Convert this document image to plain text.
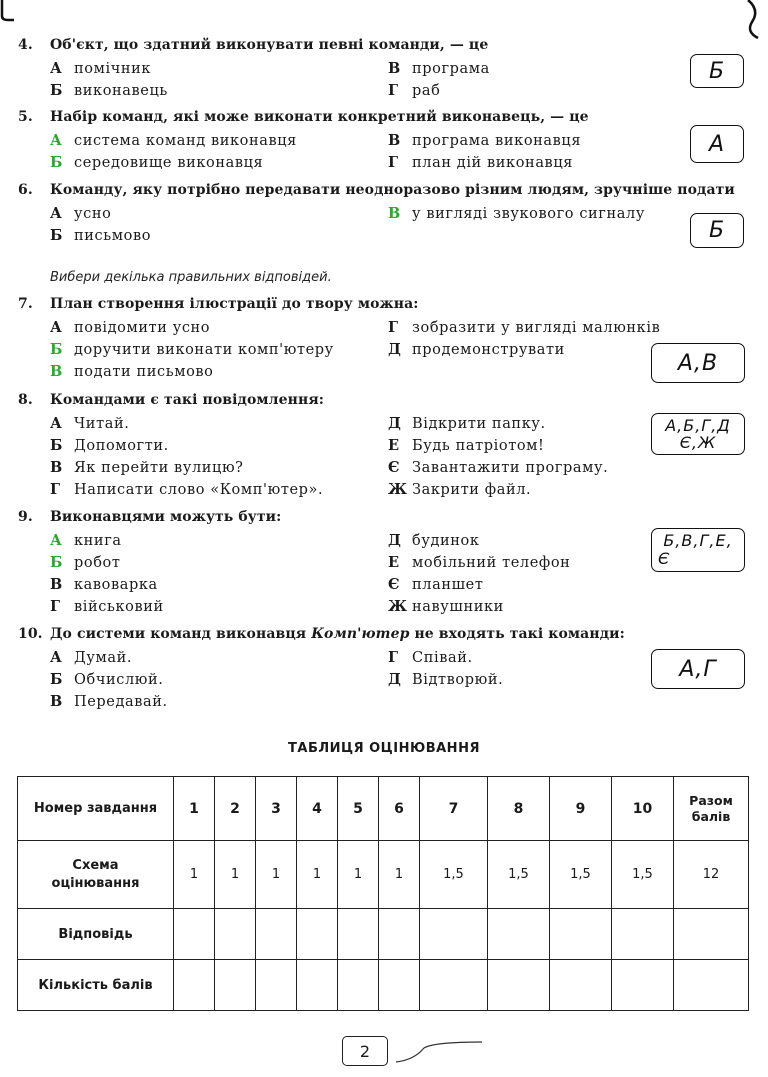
4. Об'єкт, що здатний виконувати певні команди, — це
А помічник	В програма
Б виконавець	Г раб
Б
5. Набір команд, які може виконати конкретний виконавець, — це
А система команд виконавця	В програма виконавця
Б середовище виконавця	Г план дій виконавця
А
6. Команду, яку потрібно передавати неодноразово різним людям, зручніше подати
А усно	В у вигляді звукового сигналу
Б письмово	Б
Вибери декілька правильних відповідей.
7. План створення ілюстрації до твору можна:
А повідомити усно	Г зобразити у вигляді малюнків
Б доручити виконати комп'ютеру	Д продемонструвати
В подати письмово	А,В
8. Командами є такі повідомлення:
А Читай.	Д Відкрити папку.
Б Допомогти.	Е Будь патріотом!
В Як перейти вулицю?	Є Завантажити програму.
Г Написати слово «Комп'ютер».	Ж Закрити файл.
А,Б,Г,Д
Є,Ж
9. Виконавцями можуть бути:
А книга	Д будинок
Б робот	Е мобільний телефон
В кавоварка	Є планшет
Г військовий	Ж навушники
Б,В,Г,Е,
Є
10. До системи команд виконавця Комп'ютер не входять такі команди:
А Думай.	Г Співай.
Б Обчислюй.	Д Відтворюй.
В Передавай.
А,Г
ТАБЛИЦЯ ОЦІНЮВАННЯ
Номер завдання	1	2	3	4	5	6	7	8	9	10	Разом балів
Схема оцінювання	1	1	1	1	1	1	1,5	1,5	1,5	1,5	12
Відповідь											
Кількість балів											
2
